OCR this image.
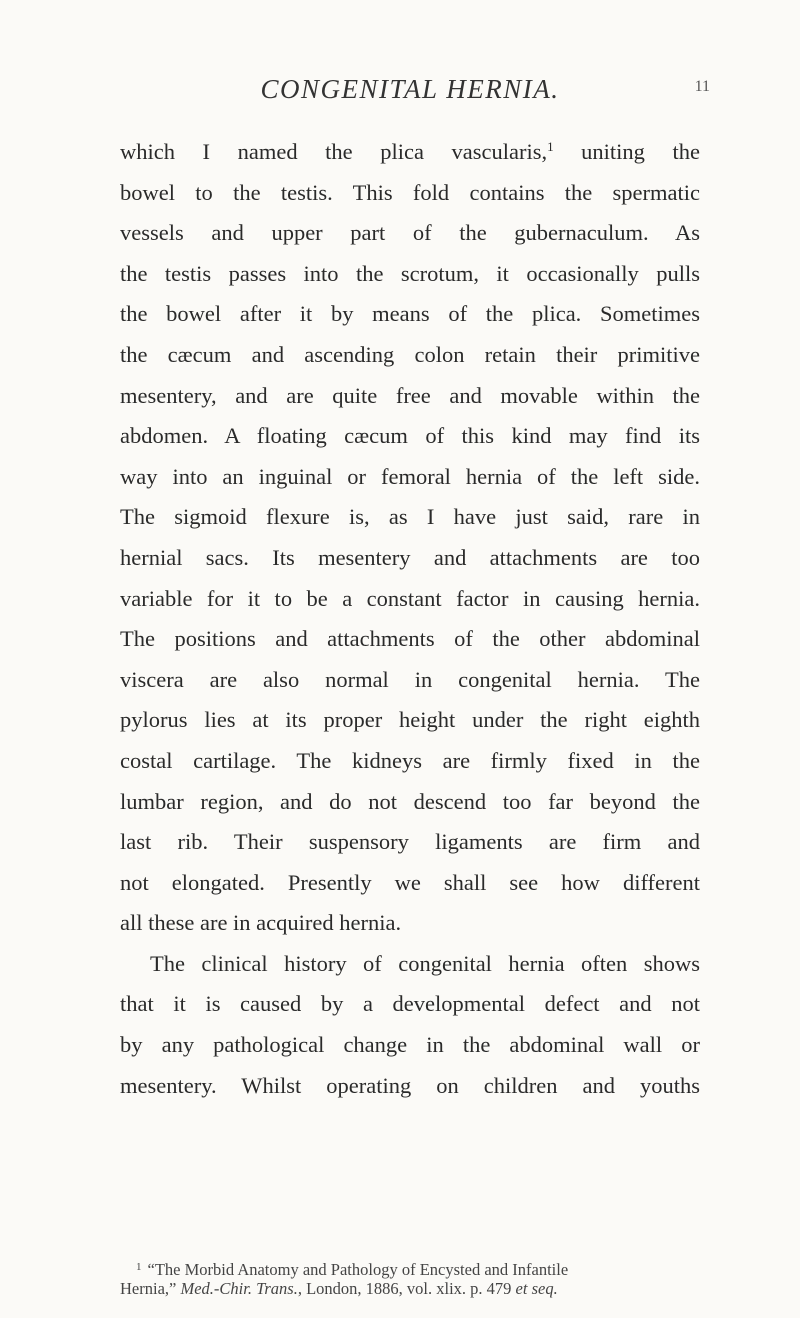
CONGENITAL HERNIA.	11
which I named the plica vascularis,$^1$ uniting the
bowel to the testis. This fold contains the spermatic
vessels and upper part of the gubernaculum. As
the testis passes into the scrotum, it occasionally pulls
the bowel after it by means of the plica. Sometimes
the cæcum and ascending colon retain their primitive
mesentery, and are quite free and movable within the
abdomen. A floating cæcum of this kind may find its
way into an inguinal or femoral hernia of the left side.
The sigmoid flexure is, as I have just said, rare in
hernial sacs. Its mesentery and attachments are too
variable for it to be a constant factor in causing hernia.
The positions and attachments of the other abdominal
viscera are also normal in congenital hernia. The
pylorus lies at its proper height under the right eighth
costal cartilage. The kidneys are firmly fixed in the
lumbar region, and do not descend too far beyond the
last rib. Their suspensory ligaments are firm and
not elongated. Presently we shall see how different
all these are in acquired hernia.
The clinical history of congenital hernia often shows
that it is caused by a developmental defect and not
by any pathological change in the abdominal wall or
mesentery. Whilst operating on children and youths
$^1$ “The Morbid Anatomy and Pathology of Encysted and Infantile
Hernia,” Med.-Chir. Trans., London, 1886, vol. xlix. p. 479 et seq.
